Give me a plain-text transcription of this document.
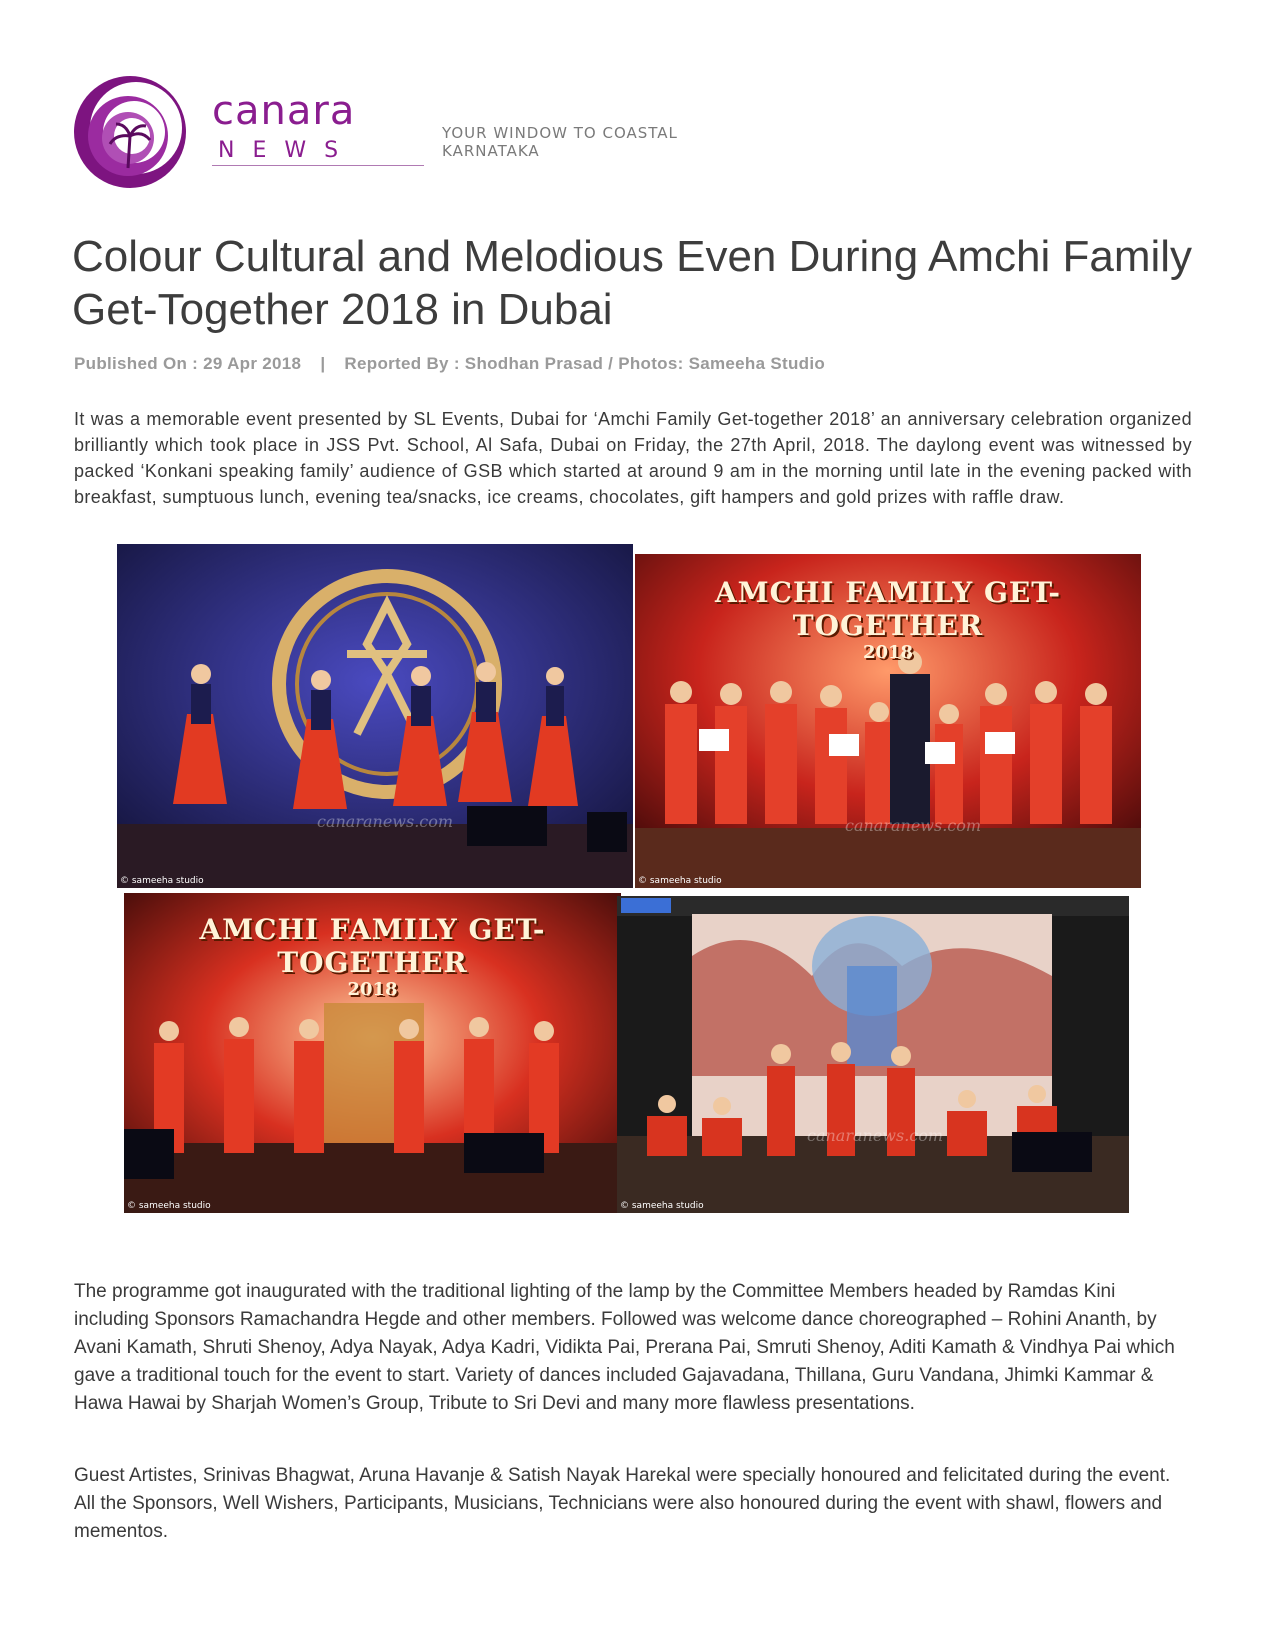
canara
NEWS
YOUR WINDOW TO COASTAL KARNATAKA
Colour Cultural and Melodious Even During Amchi Family Get-Together 2018 in Dubai
Published On : 29 Apr 2018 | Reported By : Shodhan Prasad / Photos: Sameeha Studio
It was a memorable event presented by SL Events, Dubai for ‘Amchi Family Get-together 2018’ an anniversary celebration organized brilliantly which took place in JSS Pvt. School, Al Safa, Dubai on Friday, the 27th April, 2018. The daylong event was witnessed by packed ‘Konkani speaking family’ audience of GSB which started at around 9 am in the morning until late in the evening packed with breakfast, sumptuous lunch, evening tea/snacks, ice creams, chocolates, gift hampers and gold prizes with raffle draw.
canaranews.com
© sameeha studio
AMCHI FAMILY GET-TOGETHER
2018
canaranews.com
© sameeha studio
AMCHI FAMILY GET-TOGETHER
2018
© sameeha studio
canaranews.com
© sameeha studio

The programme got inaugurated with the traditional lighting of the lamp by the Committee Members headed by Ramdas Kini including Sponsors Ramachandra Hegde and other members. Followed was welcome dance choreographed – Rohini Ananth, by Avani Kamath, Shruti Shenoy, Adya Nayak, Adya Kadri, Vidikta Pai, Prerana Pai, Smruti Shenoy, Aditi Kamath & Vindhya Pai which gave a traditional touch for the event to start. Variety of dances included Gajavadana, Thillana, Guru Vandana, Jhimki Kammar & Hawa Hawai by Sharjah Women’s Group, Tribute to Sri Devi and many more flawless presentations.

Guest Artistes, Srinivas Bhagwat, Aruna Havanje & Satish Nayak Harekal were specially honoured and felicitated during the event. All the Sponsors, Well Wishers, Participants, Musicians, Technicians were also honoured during the event with shawl, flowers and mementos.
